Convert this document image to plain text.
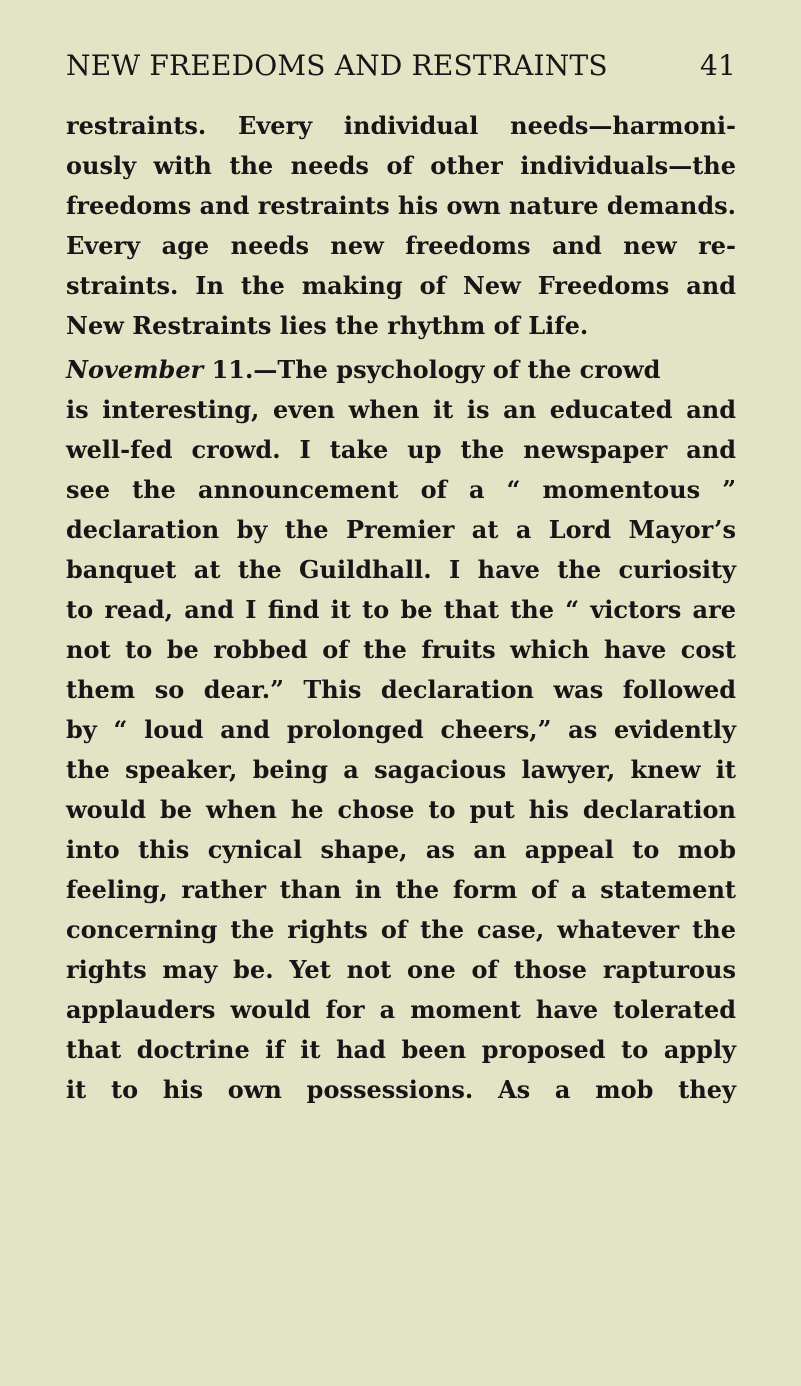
NEW FREEDOMS AND RESTRAINTS	41
restraints. Every individual needs—harmoni-
ously with the needs of other individuals—the
freedoms and restraints his own nature demands.
Every age needs new freedoms and new re-
straints. In the making of New Freedoms and
New Restraints lies the rhythm of Life.
November 11.—The psychology of the crowd
is interesting, even when it is an educated and
well-fed crowd. I take up the newspaper and
see the announcement of a “ momentous ”
declaration by the Premier at a Lord Mayor’s
banquet at the Guildhall. I have the curiosity
to read, and I find it to be that the “ victors are
not to be robbed of the fruits which have cost
them so dear.” This declaration was followed
by “ loud and prolonged cheers,” as evidently
the speaker, being a sagacious lawyer, knew it
would be when he chose to put his declaration
into this cynical shape, as an appeal to mob
feeling, rather than in the form of a statement
concerning the rights of the case, whatever the
rights may be. Yet not one of those rapturous
applauders would for a moment have tolerated
that doctrine if it had been proposed to apply
it to his own possessions. As a mob they
